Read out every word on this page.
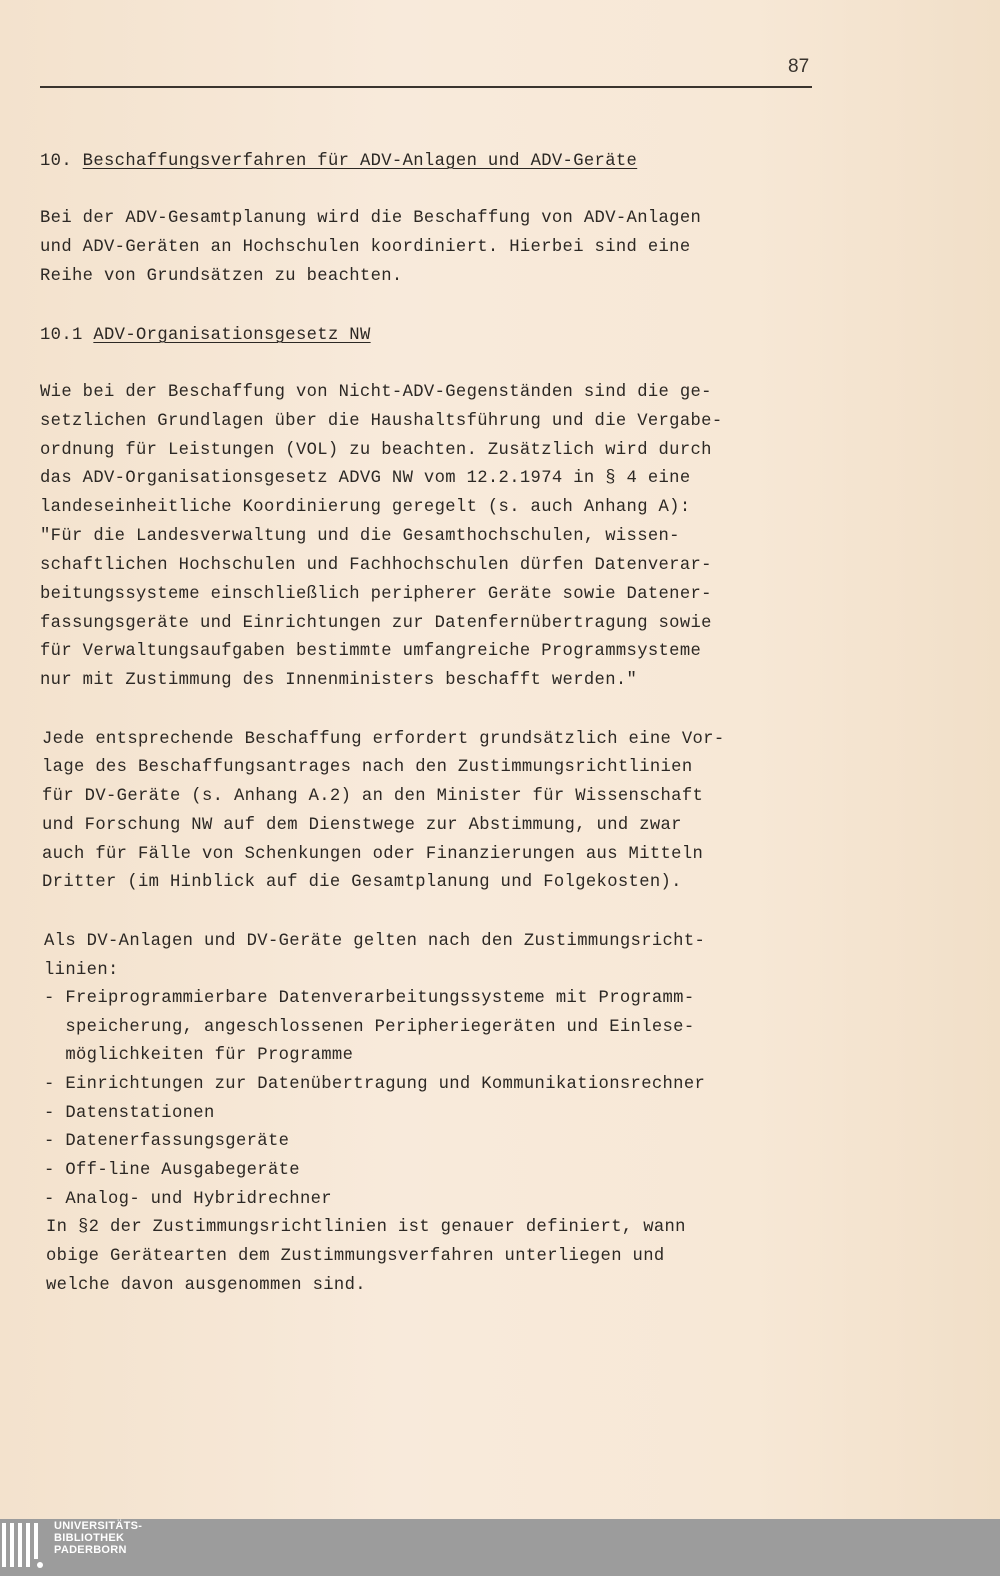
87
10. Beschaffungsverfahren für ADV-Anlagen und ADV-Geräte
Bei der ADV-Gesamtplanung wird die Beschaffung von ADV-Anlagen
und ADV-Geräten an Hochschulen koordiniert. Hierbei sind eine
Reihe von Grundsätzen zu beachten.
10.1 ADV-Organisationsgesetz NW
Wie bei der Beschaffung von Nicht-ADV-Gegenständen sind die ge-
setzlichen Grundlagen über die Haushaltsführung und die Vergabe-
ordnung für Leistungen (VOL) zu beachten. Zusätzlich wird durch
das ADV-Organisationsgesetz ADVG NW vom 12.2.1974 in § 4 eine
landeseinheitliche Koordinierung geregelt (s. auch Anhang A):
"Für die Landesverwaltung und die Gesamthochschulen, wissen-
schaftlichen Hochschulen und Fachhochschulen dürfen Datenverar-
beitungssysteme einschließlich peripherer Geräte sowie Datener-
fassungsgeräte und Einrichtungen zur Datenfernübertragung sowie
für Verwaltungsaufgaben bestimmte umfangreiche Programmsysteme
nur mit Zustimmung des Innenministers beschafft werden."
Jede entsprechende Beschaffung erfordert grundsätzlich eine Vor-
lage des Beschaffungsantrages nach den Zustimmungsrichtlinien
für DV-Geräte (s. Anhang A.2) an den Minister für Wissenschaft
und Forschung NW auf dem Dienstwege zur Abstimmung, und zwar
auch für Fälle von Schenkungen oder Finanzierungen aus Mitteln
Dritter (im Hinblick auf die Gesamtplanung und Folgekosten).
Als DV-Anlagen und DV-Geräte gelten nach den Zustimmungsricht-
linien:
- Freiprogrammierbare Datenverarbeitungssysteme mit Programm-
speicherung, angeschlossenen Peripheriegeräten und Einlese-
möglichkeiten für Programme
- Einrichtungen zur Datenübertragung und Kommunikationsrechner
- Datenstationen
- Datenerfassungsgeräte
- Off-line Ausgabegeräte
- Analog- und Hybridrechner
In §2 der Zustimmungsrichtlinien ist genauer definiert, wann
obige Gerätearten dem Zustimmungsverfahren unterliegen und
welche davon ausgenommen sind.
UNIVERSITÄTS-
BIBLIOTHEK
PADERBORN
